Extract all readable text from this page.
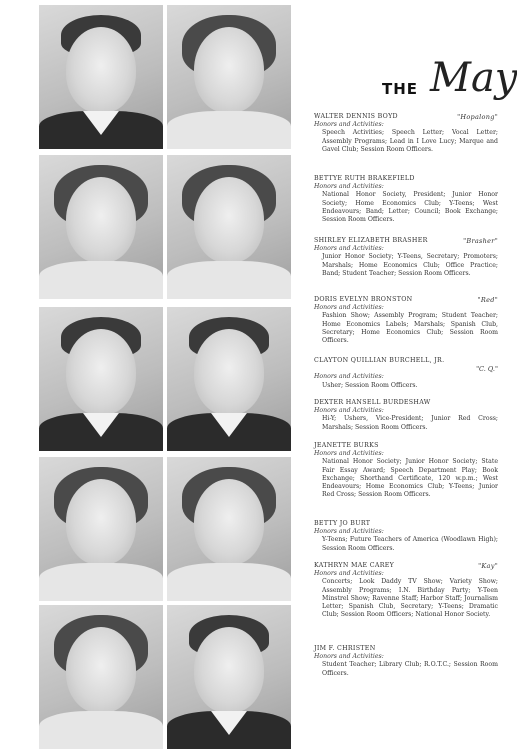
THE May
WALTER DENNIS BOYD	"Hopalong"
Honors and Activities:
Speech Activities; Speech Letter; Vocal Letter; Assembly Programs; Lead in I Love Lucy; Marque and Gavel Club; Session Room Officers.
BETTYE RUTH BRAKEFIELD
Honors and Activities:
National Honor Society, President; Junior Honor Society; Home Economics Club; Y-Teens; West Endeavours; Band; Letter; Council; Book Exchange; Session Room Officers.
SHIRLEY ELIZABETH BRASHER	"Brasher"
Honors and Activities:
Junior Honor Society; Y-Teens, Secretary; Promoters; Marshals; Home Economics Club; Office Practice; Band; Student Teacher; Session Room Officers.
DORIS EVELYN BRONSTON	"Red"
Honors and Activities:
Fashion Show; Assembly Program; Student Teacher; Home Economics Labels; Marshals; Spanish Club, Secretary; Home Economics Club; Session Room Officers.
CLAYTON QUILLIAN BURCHELL, JR.
"C. Q."
Honors and Activities:
Usher; Session Room Officers.
DEXTER HANSELL BURDESHAW
Honors and Activities:
Hi-Y; Ushers, Vice-President; Junior Red Cross; Marshals; Session Room Officers.
JEANETTE BURKS
Honors and Activities:
National Honor Society; Junior Honor Society; State Fair Essay Award; Speech Department Play; Book Exchange; Shorthand Certificate, 120 w.p.m.; West Endeavours; Home Economics Club; Y-Teens; Junior Red Cross; Session Room Officers.
BETTY JO BURT
Honors and Activities:
Y-Teens; Future Teachers of America (Woodlawn High); Session Room Officers.
KATHRYN MAE CAREY	"Kay"
Honors and Activities:
Concerts; Look Daddy TV Show; Variety Show; Assembly Programs; I.N. Birthday Party; Y-Teen Minstrel Show; Ravenne Staff; Harbor Staff; Journalism Letter; Spanish Club, Secretary; Y-Teens; Dramatic Club; Session Room Officers; National Honor Society.
JIM F. CHRISTEN
Honors and Activities:
Student Teacher; Library Club; R.O.T.C.; Session Room Officers.
